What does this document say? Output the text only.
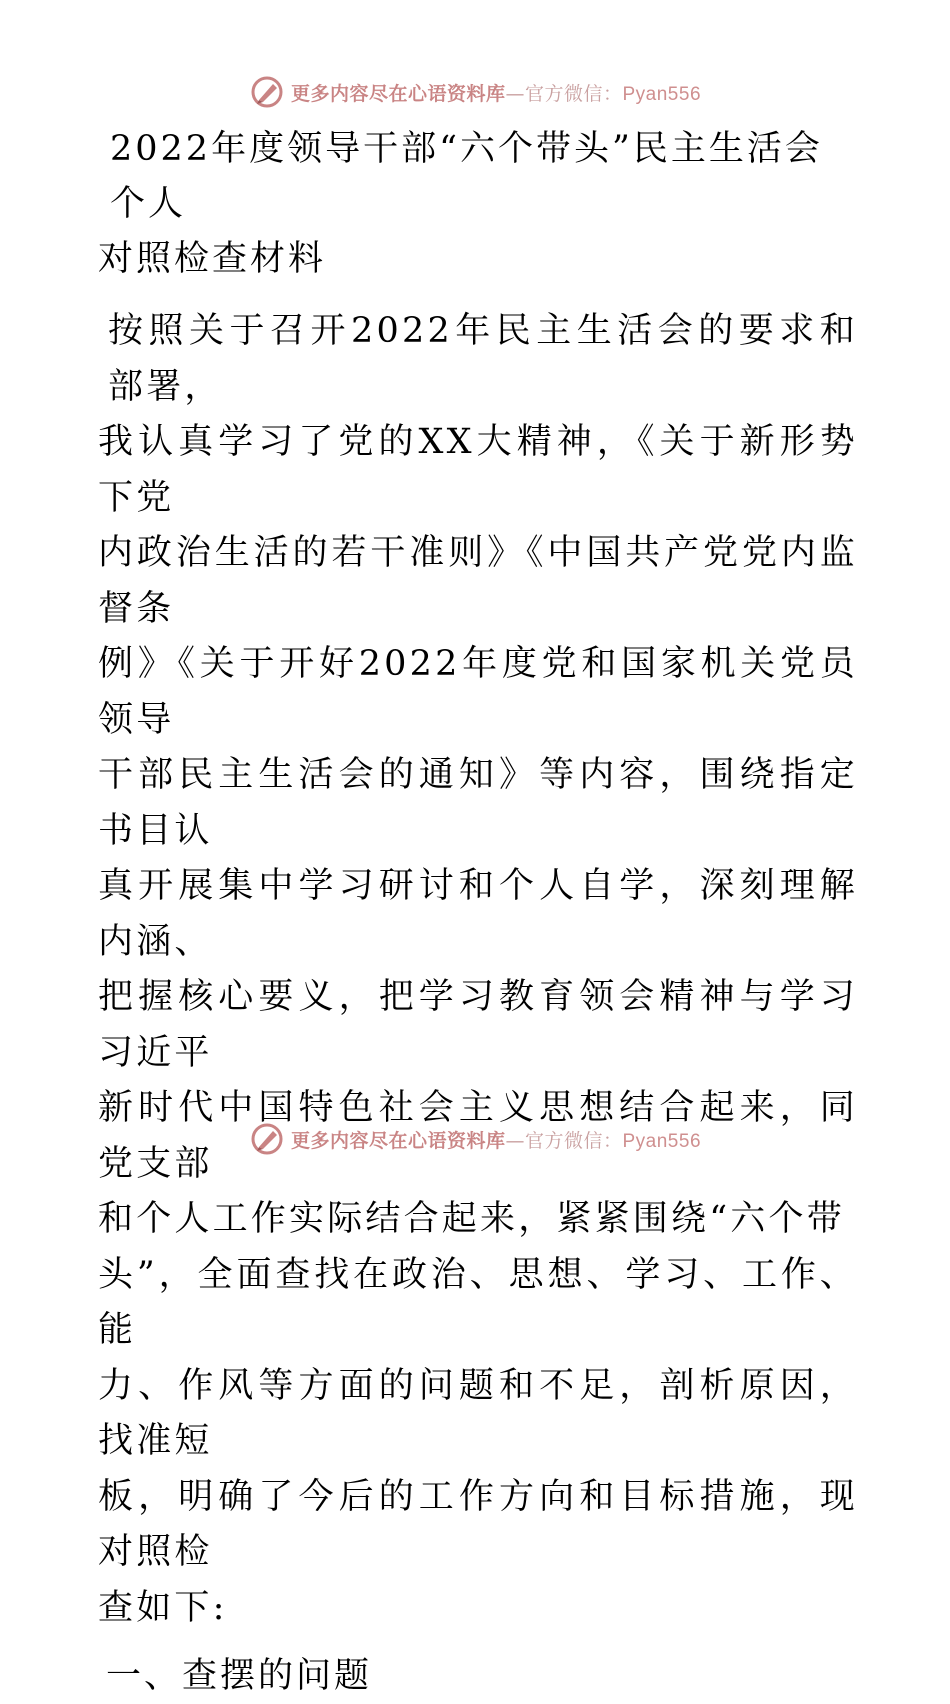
更多内容尽在心语资料库—官方微信：Pyan556
2022年度领导干部“六个带头”民主生活会个人
对照检查材料
按照关于召开2022年民主生活会的要求和部署，
我认真学习了党的XX大精神，《关于新形势下党
内政治生活的若干准则》《中国共产党党内监督条
例》《关于开好2022年度党和国家机关党员领导
干部民主生活会的通知》等内容，围绕指定书目认
真开展集中学习研讨和个人自学，深刻理解内涵、
把握核心要义，把学习教育领会精神与学习习近平
新时代中国特色社会主义思想结合起来，同党支部
和个人工作实际结合起来，紧紧围绕“六个带
头”，全面查找在政治、思想、学习、工作、能
力、作风等方面的问题和不足，剖析原因，找准短
板，明确了今后的工作方向和目标措施，现对照检
查如下:
一、查摆的问题
更多内容尽在心语资料库—官方微信：Pyan556
